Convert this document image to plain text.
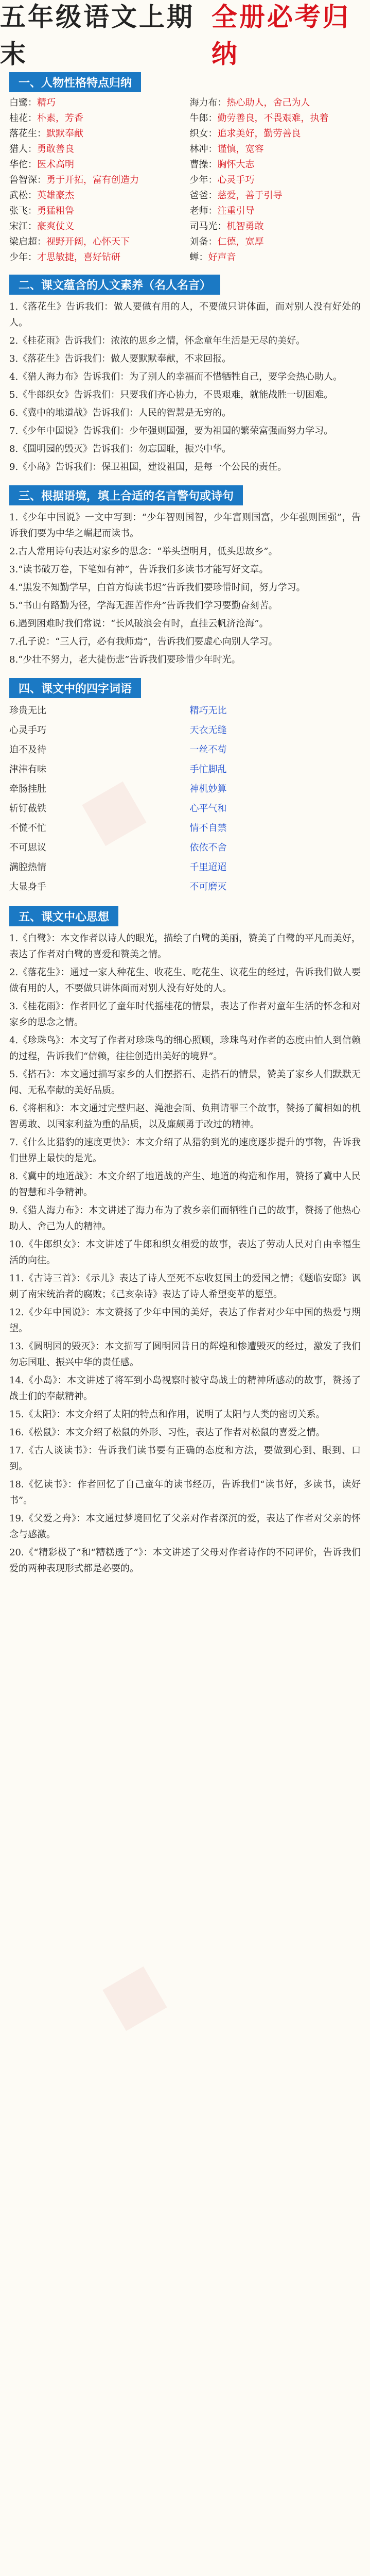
■
■
五年级语文上期末
全册必考归纳
一、人物性格特点归纳
白鹭：精巧	海力布：热心助人，舍己为人
桂花：朴素，芳香	牛郎：勤劳善良，不畏艰难，执着
落花生：默默奉献	织女：追求美好，勤劳善良
猎人：勇敢善良	林冲：谨慎，宽容
华佗：医术高明	曹操：胸怀大志
鲁智深：勇于开拓，富有创造力	少年：心灵手巧
武松：英雄豪杰	爸爸：慈爱，善于引导
张飞：勇猛粗鲁	老师：注重引导
宋江：豪爽仗义	司马光：机智勇敢
梁启超：视野开阔，心怀天下	刘备：仁德，宽厚
少年：才思敏捷，喜好钻研	蝉：好声音
二、课文蕴含的人文素养（名人名言）

1.《落花生》告诉我们：做人要做有用的人，不要做只讲体面，而对别人没有好处的人。

2.《桂花雨》告诉我们：浓浓的思乡之情，怀念童年生活是无尽的美好。

3.《落花生》告诉我们：做人要默默奉献，不求回报。

4.《猎人海力布》告诉我们：为了别人的幸福而不惜牺牲自己，要学会热心助人。

5.《牛郎织女》告诉我们：只要我们齐心协力，不畏艰难，就能战胜一切困难。

6.《冀中的地道战》告诉我们：人民的智慧是无穷的。

7.《少年中国说》告诉我们：少年强则国强，要为祖国的繁荣富强而努力学习。

8.《圆明园的毁灭》告诉我们：勿忘国耻，振兴中华。

9.《小岛》告诉我们：保卫祖国，建设祖国，是每一个公民的责任。

三、根据语境，填上合适的名言警句或诗句

1.《少年中国说》一文中写到：“少年智则国智，少年富则国富，少年强则国强”，告诉我们要为中华之崛起而读书。

2.古人常用诗句表达对家乡的思念：“举头望明月，低头思故乡”。

3.“读书破万卷，下笔如有神”，告诉我们多读书才能写好文章。

4.“黑发不知勤学早，白首方悔读书迟”告诉我们要珍惜时间，努力学习。

5.“书山有路勤为径，学海无涯苦作舟”告诉我们学习要勤奋刻苦。

6.遇到困难时我们常说：“长风破浪会有时，直挂云帆济沧海”。

7.孔子说：“三人行，必有我师焉”，告诉我们要虚心向别人学习。

8.“少壮不努力，老大徒伤悲”告诉我们要珍惜少年时光。

四、课文中的四字词语
珍贵无比	精巧无比
心灵手巧	天衣无缝
迫不及待	一丝不苟
津津有味	手忙脚乱
牵肠挂肚	神机妙算
斩钉截铁	心平气和
不慌不忙	情不自禁
不可思议	依依不舍
满腔热情	千里迢迢
大显身手	不可磨灭
五、课文中心思想

1.《白鹭》：本文作者以诗人的眼光，描绘了白鹭的美丽，赞美了白鹭的平凡而美好，表达了作者对白鹭的喜爱和赞美之情。

2.《落花生》：通过一家人种花生、收花生、吃花生、议花生的经过，告诉我们做人要做有用的人，不要做只讲体面而对别人没有好处的人。

3.《桂花雨》：作者回忆了童年时代摇桂花的情景，表达了作者对童年生活的怀念和对家乡的思念之情。

4.《珍珠鸟》：本文写了作者对珍珠鸟的细心照顾，珍珠鸟对作者的态度由怕人到信赖的过程，告诉我们“信赖，往往创造出美好的境界”。

5.《搭石》：本文通过描写家乡的人们摆搭石、走搭石的情景，赞美了家乡人们默默无闻、无私奉献的美好品质。

6.《将相和》：本文通过完璧归赵、渑池会面、负荆请罪三个故事，赞扬了蔺相如的机智勇敢、以国家利益为重的品质，以及廉颇勇于改过的精神。

7.《什么比猎豹的速度更快》：本文介绍了从猎豹到光的速度逐步提升的事物，告诉我们世界上最快的是光。

8.《冀中的地道战》：本文介绍了地道战的产生、地道的构造和作用，赞扬了冀中人民的智慧和斗争精神。

9.《猎人海力布》：本文讲述了海力布为了救乡亲们而牺牲自己的故事，赞扬了他热心助人、舍己为人的精神。

10.《牛郎织女》：本文讲述了牛郎和织女相爱的故事，表达了劳动人民对自由幸福生活的向往。

11.《古诗三首》：《示儿》表达了诗人至死不忘收复国土的爱国之情；《题临安邸》讽刺了南宋统治者的腐败；《己亥杂诗》表达了诗人希望变革的愿望。

12.《少年中国说》：本文赞扬了少年中国的美好，表达了作者对少年中国的热爱与期望。

13.《圆明园的毁灭》：本文描写了圆明园昔日的辉煌和惨遭毁灭的经过，激发了我们勿忘国耻、振兴中华的责任感。

14.《小岛》：本文讲述了将军到小岛视察时被守岛战士的精神所感动的故事，赞扬了战士们的奉献精神。

15.《太阳》：本文介绍了太阳的特点和作用，说明了太阳与人类的密切关系。

16.《松鼠》：本文介绍了松鼠的外形、习性，表达了作者对松鼠的喜爱之情。

17.《古人谈读书》：告诉我们读书要有正确的态度和方法，要做到心到、眼到、口到。

18.《忆读书》：作者回忆了自己童年的读书经历，告诉我们“读书好，多读书，读好书”。

19.《父爱之舟》：本文通过梦境回忆了父亲对作者深沉的爱，表达了作者对父亲的怀念与感激。

20.《“精彩极了”和“糟糕透了”》：本文讲述了父母对作者诗作的不同评价，告诉我们爱的两种表现形式都是必要的。
